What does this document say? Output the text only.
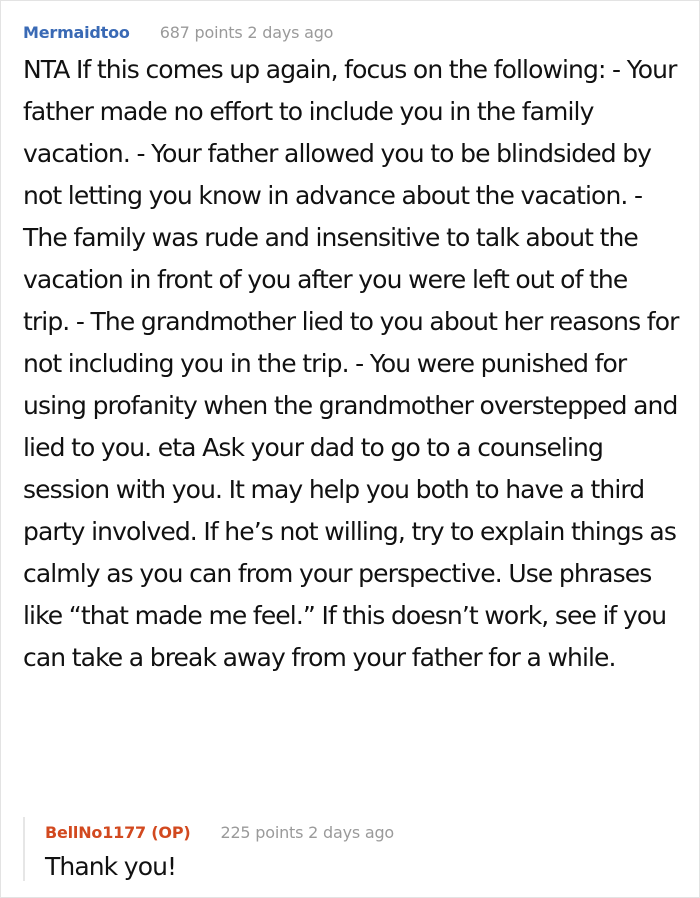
Mermaidtoo 687 points 2 days ago
NTA If this comes up again, focus on the following: - Your father made no effort to include you in the family vacation. - Your father allowed you to be blindsided by not letting you know in advance about the vacation. - The family was rude and insensitive to talk about the vacation in front of you after you were left out of the trip. - The grandmother lied to you about her reasons for not including you in the trip. - You were punished for using profanity when the grandmother overstepped and lied to you. eta Ask your dad to go to a counseling session with you. It may help you both to have a third party involved. If he’s not willing, try to explain things as calmly as you can from your perspective. Use phrases like “that made me feel.” If this doesn’t work, see if you can take a break away from your father for a while.
BellNo1177 (OP) 225 points 2 days ago
Thank you!
